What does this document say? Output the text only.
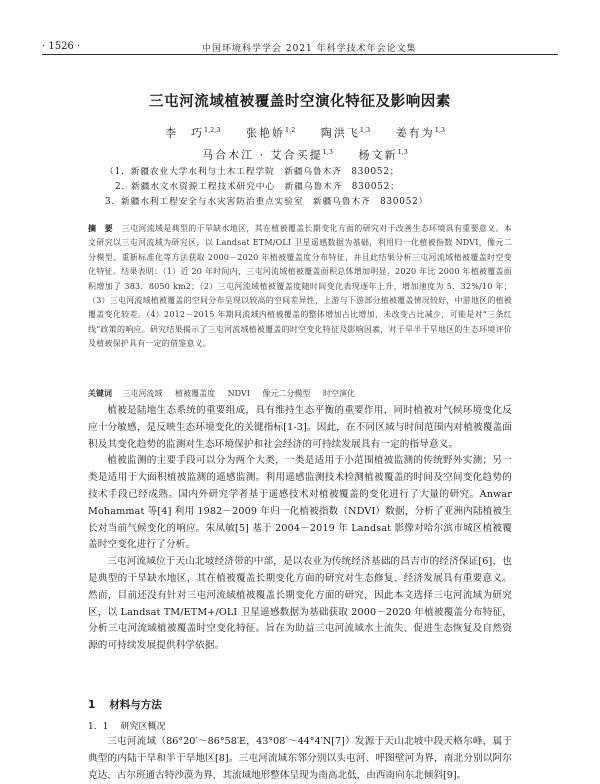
· 1526 ·	中国环境科学学会 2021 年科学技术年会论文集
三屯河流域植被覆盖时空演化特征及影响因素
李　巧$^{1,2,3}$ 张艳娇$^{1,2}$ 陶洪飞$^{1,3}$ 姜有为$^{1,3}$
马合木江 · 艾合买提$^{1,3}$ 杨文新$^{1,3}$
（1．新疆农业大学水利与土木工程学院　新疆乌鲁木齐　830052；
2．新疆水文水资源工程技术研究中心　新疆乌鲁木齐　830052；
3．新疆水利工程安全与水灾害防治重点实验室　新疆乌鲁木齐　830052）
摘　要 三屯河流域是典型的干旱缺水地区，其在植被覆盖长期变化方面的研究对于改善生态环境具有重要意义。本文研究以三屯河流域为研究区，以 Landsat ETM/OLI 卫星遥感数据为基础，利用归一化植被指数 NDVI，像元二分模型、重新标准化等方法获取 2000－2020 年植被覆盖度分布特征，并且此结果分析三屯河流域植被覆盖时空变化特征。结果表明：（1）近 20 年时间内，三屯河流域植被覆盖面积总体增加明显，2020 年比 2000 年植被覆盖面积增加了 383．8050 km2；（2）三屯河流域植被覆盖度随时间变化表现逐年上升，增加速度为 5．32%/10 年；（3）三屯河流域植被覆盖的空间分布呈现以较高的空间差异性，上游与下游部分植被覆盖情况较好，中游地区的植被覆盖变化较差。（4）2012－2015 年期间流域内植被覆盖的整体增加占比增加，未改变占比减少，可能是对“三条红线”政策的响应。研究结果揭示了三屯河流域植被覆盖的时空变化特征及影响因素，对于旱半干旱地区的生态环境评价及植被保护具有一定的借鉴意义。
关键词 三屯河流域 植被覆盖度 NDVI 像元二分模型 时空演化

植被是陆地生态系统的重要组成，具有维持生态平衡的重要作用，同时植被对气候环境变化反应十分敏感，是反映生态环境变化的关键指标[1-3]。因此，在不同区域与时间范围内对植被覆盖面积及其变化趋势的监测对生态环境保护和社会经济的可持续发展具有一定的指导意义。

植被监测的主要手段可以分为两个大类，一类是适用于小范围植被监测的传统野外实测；另一类是适用于大面积植被监测的遥感监测。利用遥感监测技术检测植被覆盖的时间及空间变化趋势的技术手段已经成熟。国内外研究学者基于遥感技术对植被覆盖的变化进行了大量的研究。Anwar Mohammat 等[4] 利用 1982－2009 年归一化植被指数（NDVI）数据，分析了亚洲内陆植被生长对当前气候变化的响应。朱凤敏[5] 基于 2004－2019 年 Landsat 影像对哈尔滨市城区植被覆盖时空变化进行了分析。

三屯河流域位于天山北坡经济带的中部，是以农业为传统经济基础的昌吉市的经济保证[6]，也是典型的干旱缺水地区，其在植被覆盖长期变化方面的研究对生态修复、经济发展具有重要意义。然而，目前还没有针对三屯河流域植被覆盖长期变化方面的研究，因此本文选择三屯河流域为研究区，以 Landsat TM/ETM+/OLI 卫星遥感数据为基础获取 2000－2020 年植被覆盖分布特征，分析三屯河流域植被覆盖时空变化特征。旨在为助益三屯河流域水土流失、促进生态恢复及自然资源的可持续发展提供科学依据。

1 材料与方法
1．1 研究区概况
三屯河流域（86°20′～86°58′E，43°08′～44°4′N[7]）发源于天山北坡中段天格尔峰，属于典型的内陆干旱和半干旱地区[8]。三屯河流域东邻分别以头屯河、呼图壁河为界，南北分别以阿尔克达、古尔班通古特沙漠为界，其流域地形整体呈现为南高北低，由西南向东北倾斜[9]。
